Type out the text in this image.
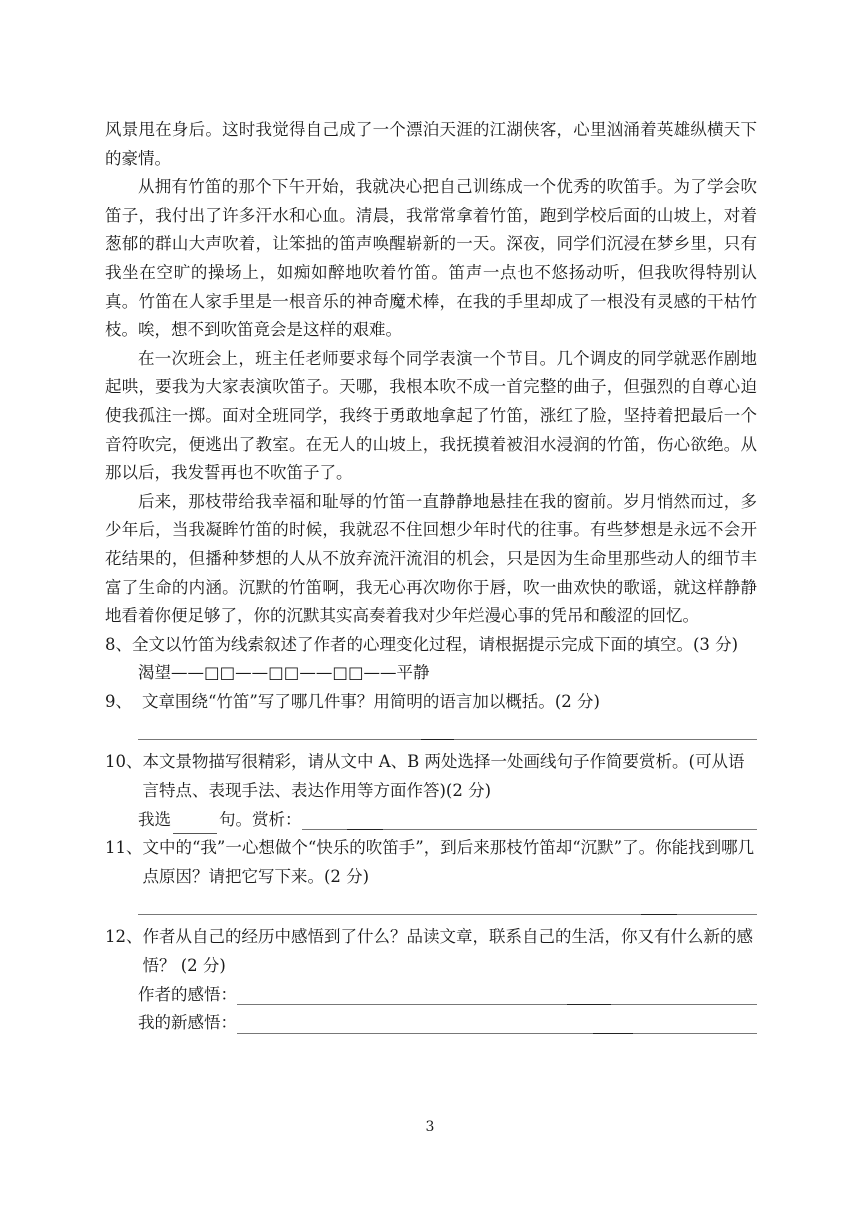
风景甩在身后。这时我觉得自己成了一个漂泊天涯的江湖侠客，心里汹涌着英雄纵横天下的豪情。

从拥有竹笛的那个下午开始，我就决心把自己训练成一个优秀的吹笛手。为了学会吹笛子，我付出了许多汗水和心血。清晨，我常常拿着竹笛，跑到学校后面的山坡上，对着葱郁的群山大声吹着，让笨拙的笛声唤醒崭新的一天。深夜，同学们沉浸在梦乡里，只有我坐在空旷的操场上，如痴如醉地吹着竹笛。笛声一点也不悠扬动听，但我吹得特别认真。竹笛在人家手里是一根音乐的神奇魔术棒，在我的手里却成了一根没有灵感的干枯竹枝。唉，想不到吹笛竟会是这样的艰难。

在一次班会上，班主任老师要求每个同学表演一个节目。几个调皮的同学就恶作剧地起哄，要我为大家表演吹笛子。天哪，我根本吹不成一首完整的曲子，但强烈的自尊心迫使我孤注一掷。面对全班同学，我终于勇敢地拿起了竹笛，涨红了脸，坚持着把最后一个音符吹完，便逃出了教室。在无人的山坡上，我抚摸着被泪水浸润的竹笛，伤心欲绝。从那以后，我发誓再也不吹笛子了。

后来，那枝带给我幸福和耻辱的竹笛一直静静地悬挂在我的窗前。岁月悄然而过，多少年后，当我凝眸竹笛的时候，我就忍不住回想少年时代的往事。有些梦想是永远不会开花结果的，但播种梦想的人从不放弃流汗流泪的机会，只是因为生命里那些动人的细节丰富了生命的内涵。沉默的竹笛啊，我无心再次吻你于唇，吹一曲欢快的歌谣，就这样静静地看着你便足够了，你的沉默其实高奏着我对少年烂漫心事的凭吊和酸涩的回忆。

8、 全文以竹笛为线索叙述了作者的心理变化过程，请根据提示完成下面的填空。(3 分)

渴望——□□——□□——□□——平静

9、 文章围绕“竹笛”写了哪几件事？用简明的语言加以概括。(2 分)
10、 本文景物描写很精彩，请从文中 A、B 两处选择一处画线句子作简要赏析。(可从语言特点、表现手法、表达作用等方面作答)(2 分)
我选	句。赏析：
11、 文中的“我”一心想做个“快乐的吹笛手”，到后来那枝竹笛却“沉默”了。你能找到哪几点原因？请把它写下来。(2 分)
12、 作者从自己的经历中感悟到了什么？品读文章，联系自己的生活，你又有什么新的感悟？ (2 分)
作者的感悟：
我的新感悟：
3
